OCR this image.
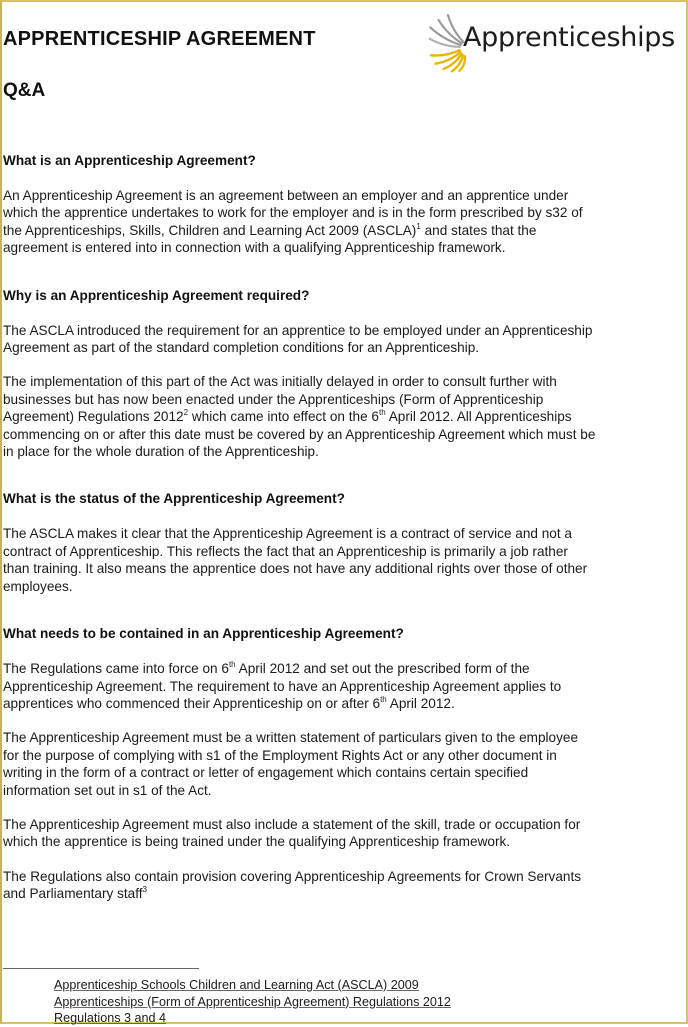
APPRENTICESHIP AGREEMENT
Q&A
Apprenticeships
What is an Apprenticeship Agreement?

An Apprenticeship Agreement is an agreement between an employer and an apprentice under
which the apprentice undertakes to work for the employer and is in the form prescribed by s32 of
the Apprenticeships, Skills, Children and Learning Act 2009 (ASCLA)$^1$ and states that the
agreement is entered into in connection with a qualifying Apprenticeship framework.

Why is an Apprenticeship Agreement required?

The ASCLA introduced the requirement for an apprentice to be employed under an Apprenticeship
Agreement as part of the standard completion conditions for an Apprenticeship.

The implementation of this part of the Act was initially delayed in order to consult further with
businesses but has now been enacted under the Apprenticeships (Form of Apprenticeship
Agreement) Regulations 2012$^2$ which came into effect on the 6th April 2012. All Apprenticeships
commencing on or after this date must be covered by an Apprenticeship Agreement which must be
in place for the whole duration of the Apprenticeship.

What is the status of the Apprenticeship Agreement?

The ASCLA makes it clear that the Apprenticeship Agreement is a contract of service and not a
contract of Apprenticeship. This reflects the fact that an Apprenticeship is primarily a job rather
than training. It also means the apprentice does not have any additional rights over those of other
employees.

What needs to be contained in an Apprenticeship Agreement?

The Regulations came into force on 6th April 2012 and set out the prescribed form of the
Apprenticeship Agreement. The requirement to have an Apprenticeship Agreement applies to
apprentices who commenced their Apprenticeship on or after 6th April 2012.

The Apprenticeship Agreement must be a written statement of particulars given to the employee
for the purpose of complying with s1 of the Employment Rights Act or any other document in
writing in the form of a contract or letter of engagement which contains certain specified
information set out in s1 of the Act.

The Apprenticeship Agreement must also include a statement of the skill, trade or occupation for
which the apprentice is being trained under the qualifying Apprenticeship framework.

The Regulations also contain provision covering Apprenticeship Agreements for Crown Servants
and Parliamentary staff$^3$

Apprenticeship Schools Children and Learning Act (ASCLA) 2009
Apprenticeships (Form of Apprenticeship Agreement) Regulations 2012
Regulations 3 and 4
